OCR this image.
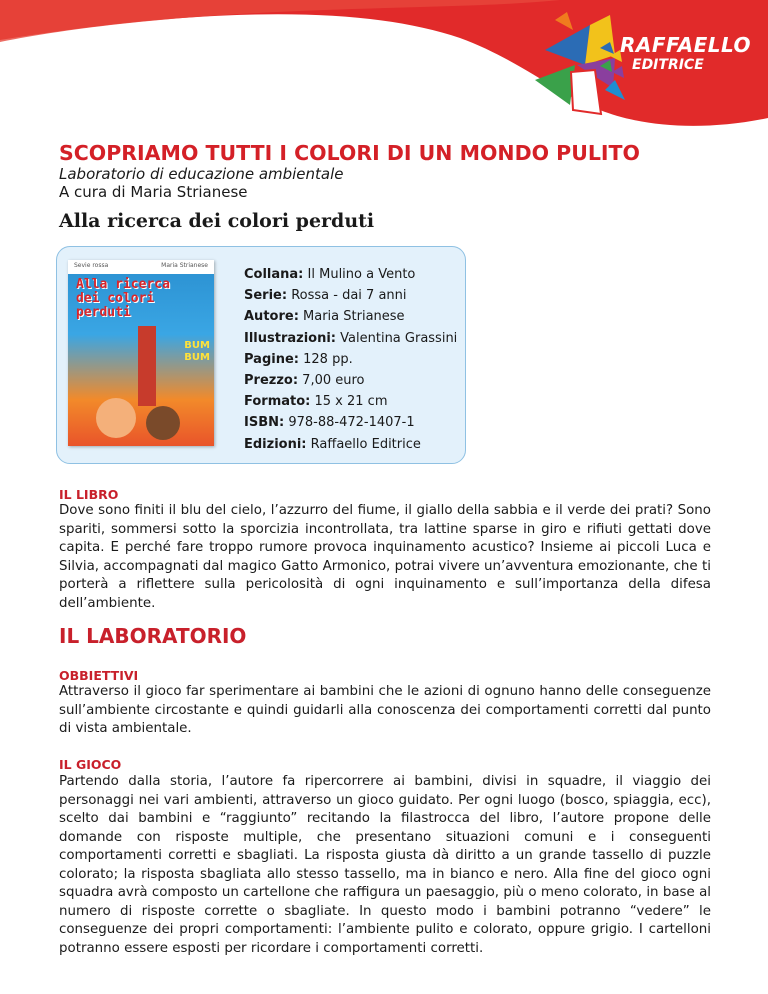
RAFFAELLO
EDITRICE
SCOPRIAMO TUTTI I COLORI DI UN MONDO PULITO

Laboratorio di educazione ambientale

A cura di Maria Strianese

Alla ricerca dei colori perduti
Sevie rossa	Maria Strianese
Alla ricerca
dei colori
perduti
BUM
BUM
Collana: Il Mulino a Vento
Serie: Rossa - dai 7 anni
Autore: Maria Strianese
Illustrazioni: Valentina Grassini
Pagine: 128 pp.
Prezzo: 7,00 euro
Formato: 15 x 21 cm
ISBN: 978-88-472-1407-1
Edizioni: Raffaello Editrice
IL LIBRO

Dove sono finiti il blu del cielo, l’azzurro del fiume, il giallo della sabbia e il verde dei prati? Sono spariti, sommersi sotto la sporcizia incontrollata, tra lattine sparse in giro e rifiuti gettati dove capita. E perché fare troppo rumore provoca inquinamento acustico? Insieme ai piccoli Luca e Silvia, accompagnati dal magico Gatto Armonico, potrai vivere un’avventura emozionante, che ti porterà a riflettere sulla pericolosità di ogni inquinamento e sull’importanza della difesa dell’ambiente.

IL LABORATORIO
OBBIETTIVI

Attraverso il gioco far sperimentare ai bambini che le azioni di ognuno hanno delle conseguenze sull’ambiente circostante e quindi guidarli alla conoscenza dei comportamenti corretti dal punto di vista ambientale.

IL GIOCO

Partendo dalla storia, l’autore fa ripercorrere ai bambini, divisi in squadre, il viaggio dei personaggi nei vari ambienti, attraverso un gioco guidato. Per ogni luogo (bosco, spiaggia, ecc), scelto dai bambini e “raggiunto” recitando la filastrocca del libro, l’autore propone delle domande con risposte multiple, che presentano situazioni comuni e i conseguenti comportamenti corretti e sbagliati. La risposta giusta dà diritto a un grande tassello di puzzle colorato; la risposta sbagliata allo stesso tassello, ma in bianco e nero. Alla fine del gioco ogni squadra avrà composto un cartellone che raffigura un paesaggio, più o meno colorato, in base al numero di risposte corrette o sbagliate. In questo modo i bambini potranno “vedere” le conseguenze dei propri comportamenti: l’ambiente pulito e colorato, oppure grigio. I cartelloni potranno essere esposti per ricordare i comportamenti corretti.
